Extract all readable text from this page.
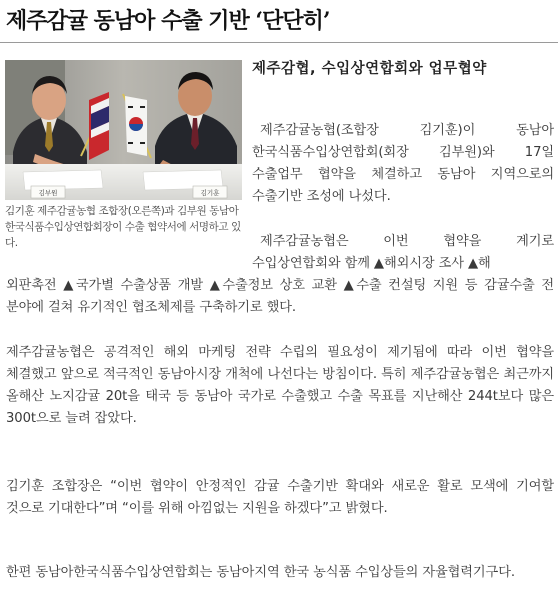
제주감귤 동남아 수출 기반 ‘단단히’
김부원	김기훈

김기훈 제주감귤농협 조합장(오른쪽)과 김부원 동남아 한국식품수입상연합회장이 수출 협약서에 서명하고 있다.

제주감협, 수입상연합회와 업무협약

제주감귤농협(조합장 김기훈)이 동남아 한국식품수입상연합회(회장 김부원)와 17일 수출업무 협약을 체결하고 동남아 지역으로의 수출기반 조성에 나섰다.

제주감귤농협은 이번 협약을 계기로 수입상연합회와 함께 ▲해외시장 조사 ▲해
외판촉전 ▲국가별 수출상품 개발 ▲수출정보 상호 교환 ▲수출 컨설팅 지원 등 감귤수출 전 분야에 걸쳐 유기적인 협조체제를 구축하기로 했다.

제주감귤농협은 공격적인 해외 마케팅 전략 수립의 필요성이 제기됨에 따라 이번 협약을 체결했고 앞으로 적극적인 동남아시장 개척에 나선다는 방침이다. 특히 제주감귤농협은 최근까지 올해산 노지감귤 20t을 태국 등 동남아 국가로 수출했고 수출 목표를 지난해산 244t보다 많은 300t으로 늘려 잡았다.

김기훈 조합장은 “이번 협약이 안정적인 감귤 수출기반 확대와 새로운 활로 모색에 기여할 것으로 기대한다”며 “이를 위해 아낌없는 지원을 하겠다”고 밝혔다.

한편 동남아한국식품수입상연합회는 동남아지역 한국 농식품 수입상들의 자율협력기구다.
